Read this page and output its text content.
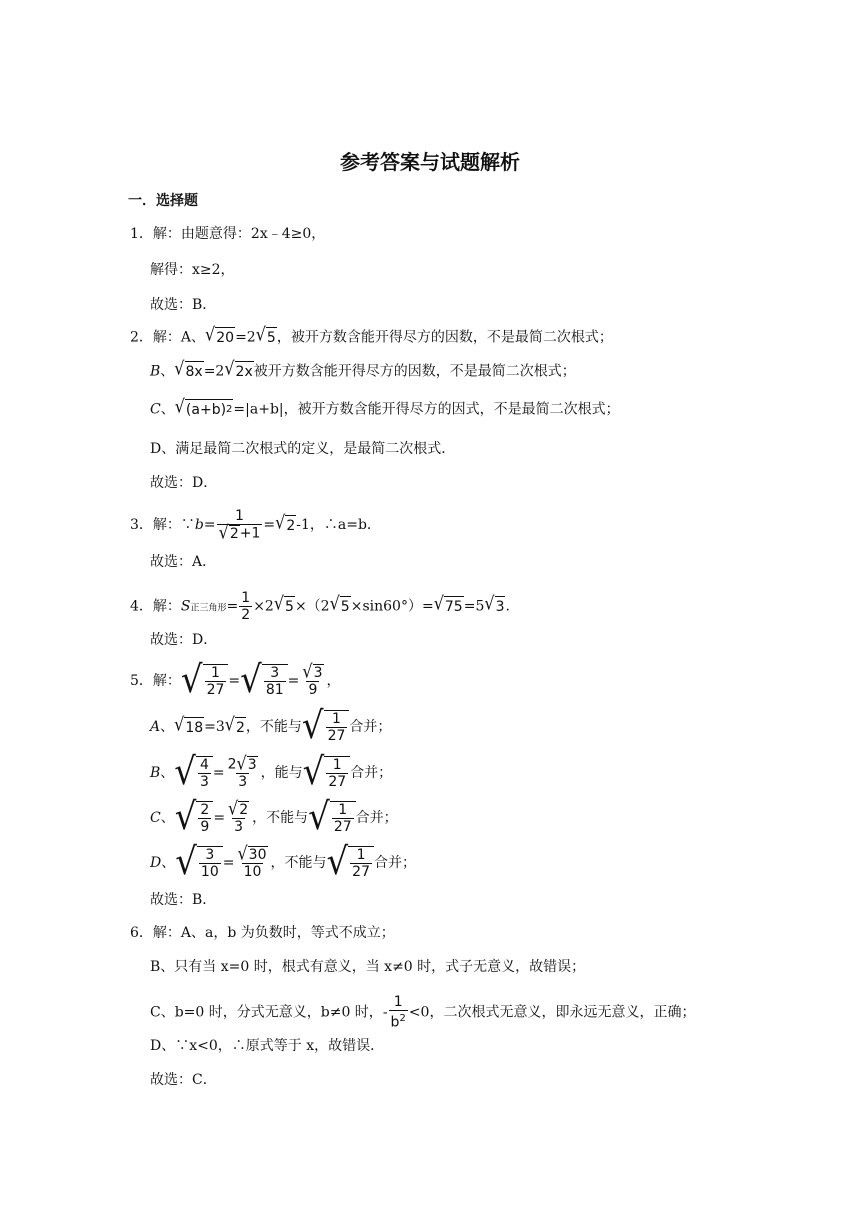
参考答案与试题解析
一．选择题
1．解：由题意得：2x﹣4≥0，
解得：x≥2，
故选：B．
2．解：A、 √ 20 =2 √ 5 ，被开方数含能开得尽方的因数，不是最简二次根式；
B、 √ 8x =2 √ 2x 被开方数含能开得尽方的因数，不是最简二次根式；
C、 √ (a+b) 2 =|a+b|，被开方数含能开得尽方的因式，不是最简二次根式；
D、满足最简二次根式的定义，是最简二次根式．
故选：D．
3．解：∵b= $\frac{1}{√ 2 +1}$ = √ 2 -1，∴a=b．
故选：A．
4．解：S正三角形= $\frac{1}{2} \times 2$ √ 5 ×（2 √ 5 ×sin60°）= √ 75 =5 √ 3 .
故选：D．
5．解： √ $\frac{1}{27}$ = √ $\frac{3}{81} = \frac{√ 3}{9}$ ，
A、 √ 18 =3 √ 2 ，不能与 √ $\frac{1}{27}$ 合并；
B、 √ $\frac{4}{3} = \frac{2 √ 3}{3}$ ，能与 √ $\frac{1}{27}$ 合并；
C、 √ $\frac{2}{9} = \frac{√ 2}{3}$ ，不能与 √ $\frac{1}{27}$ 合并；
D、 √ $\frac{3}{10} = \frac{√ 30}{10}$ ，不能与 √ $\frac{1}{27}$ 合并；
故选：B．
6．解：A、a，b 为负数时，等式不成立；
B、只有当 x=0 时，根式有意义，当 x≠0 时，式子无意义，故错误；
C、b=0 时，分式无意义，b≠0 时，- $\frac{1}{b^2} <0$，二次根式无意义，即永远无意义，正确；
D、∵x<0，∴原式等于 x，故错误．
故选：C．
